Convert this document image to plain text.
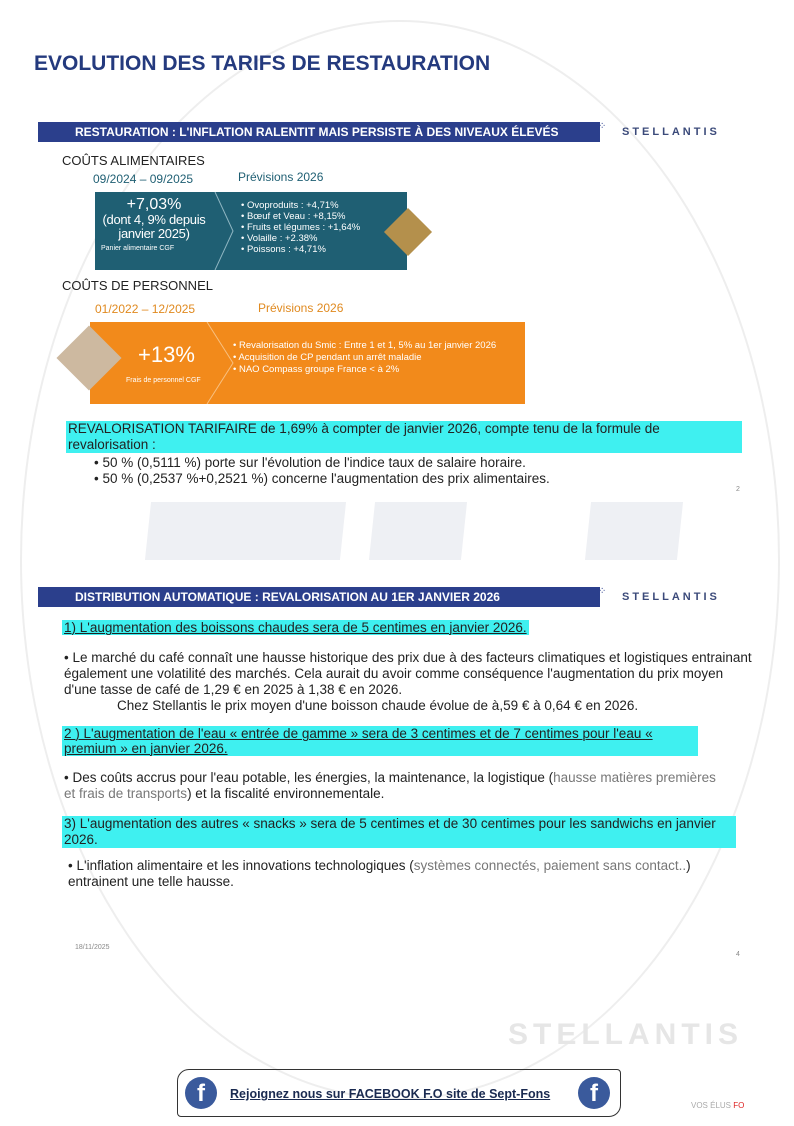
EVOLUTION DES TARIFS DE RESTAURATION
RESTAURATION : L'INFLATION RALENTIT MAIS PERSISTE À DES NIVEAUX ÉLEVÉS	⁘ STELLANTIS
COÛTS ALIMENTAIRES
09/2024 – 09/2025	Prévisions 2026
+7,03%
(dont 4, 9% depuis janvier 2025)
Panier alimentaire CGF
• Ovoproduits : +4,71%
• Bœuf et Veau : +8,15%
• Fruits et légumes : +1,64%
• Volaille : +2.38%
• Poissons : +4,71%
COÛTS DE PERSONNEL
01/2022 – 12/2025	Prévisions 2026
+13%
Frais de personnel CGF
• Revalorisation du Smic : Entre 1 et 1, 5% au 1er janvier 2026
• Acquisition de CP pendant un arrêt maladie
• NAO Compass groupe France < à 2%
REVALORISATION TARIFAIRE de 1,69% à compter de janvier 2026, compte tenu de la formule de revalorisation :
• 50 % (0,5111 %) porte sur l'évolution de l'indice taux de salaire horaire.
• 50 % (0,2537 %+0,2521 %) concerne l'augmentation des prix alimentaires.
2
DISTRIBUTION AUTOMATIQUE : REVALORISATION AU 1ER JANVIER 2026	⁘ STELLANTIS
1) L'augmentation des boissons chaudes sera de 5 centimes en janvier 2026.
• Le marché du café connaît une hausse historique des prix due à des facteurs climatiques et logistiques entrainant également une volatilité des marchés. Cela aurait du avoir comme conséquence l'augmentation du prix moyen d'une tasse de café de 1,29 € en 2025 à 1,38 € en 2026.
Chez Stellantis le prix moyen d'une boisson chaude évolue de à,59 € à 0,64 € en 2026.
2 ) L'augmentation de l'eau « entrée de gamme » sera de 3 centimes et de 7 centimes pour l'eau « premium » en janvier 2026.
• Des coûts accrus pour l'eau potable, les énergies, la maintenance, la logistique (hausse matières premières et frais de transports) et la fiscalité environnementale.
3) L'augmentation des autres « snacks » sera de 5 centimes et de 30 centimes pour les sandwichs en janvier 2026.
• L'inflation alimentaire et les innovations technologiques (systèmes connectés, paiement sans contact..) entrainent une telle hausse.
18/11/2025
4
STELLANTIS
f	Rejoignez nous sur FACEBOOK F.O site de Sept-Fons	f	VOS ÉLUS FO
